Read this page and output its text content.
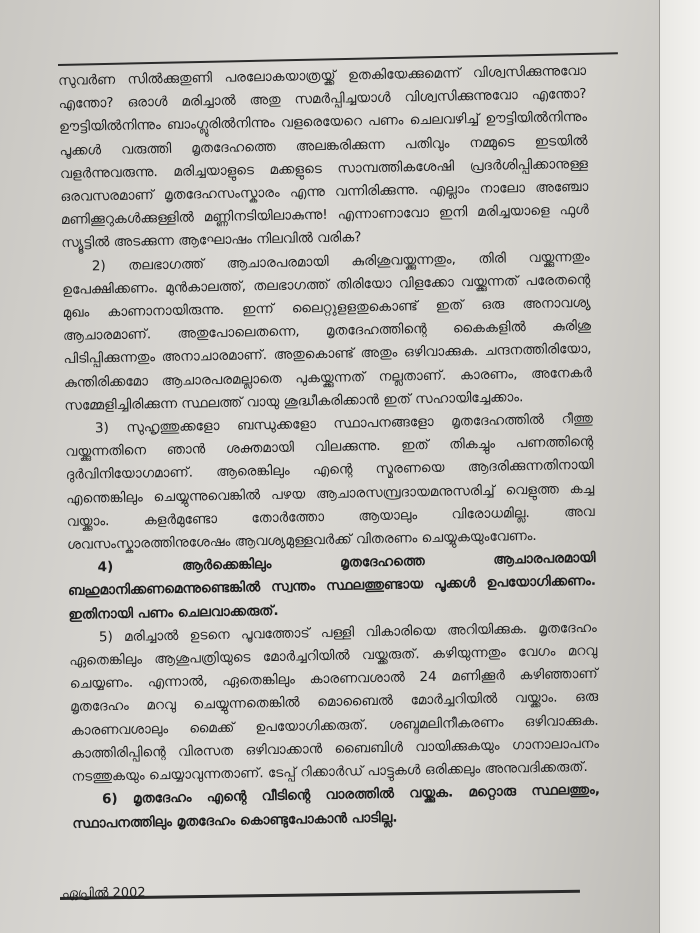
സുവർണ സിൽക്കുതുണി പരലോകയാത്രയ്ക്ക് ഉതകിയേക്കുമെന്ന് വിശ്വസിക്കുന്നുവോ എന്തോ? ഒരാൾ മരിച്ചാൽ അതു സമർപ്പിച്ചയാൾ വിശ്വസിക്കുന്നുവോ എന്തോ? ഊട്ടിയിൽനിന്നും ബാംഗ്ലൂരിൽനിന്നും വളരെയേറെ പണം ചെലവഴിച്ച് ഊട്ടിയിൽനിന്നും പൂക്കൾ വരുത്തി മൃതദേഹത്തെ അലങ്കരിക്കുന്ന പതിവും നമ്മുടെ ഇടയിൽ വളർന്നുവരുന്നു. മരിച്ചയാളുടെ മക്കളുടെ സാമ്പത്തികശേഷി പ്രദർശിപ്പിക്കാനുള്ള ഒരവസരമാണ് മൃതദേഹസംസ്കാരം എന്നു വന്നിരിക്കുന്നു. എല്ലാം നാലോ അഞ്ചോ മണിക്കൂറുകൾക്കുള്ളിൽ മണ്ണിനടിയിലാകുന്നു! എന്നാണാവോ ഇനി മരിച്ചയാളെ ഫുൾ സ്യൂട്ടിൽ അടക്കുന്ന ആഘോഷം നിലവിൽ വരിക?

2) തലഭാഗത്ത് ആചാരപരമായി കുരിശുവയ്ക്കുന്നതും, തിരി വയ്ക്കുന്നതും ഉപേക്ഷിക്കണം. മുൻകാലത്ത്, തലഭാഗത്ത് തിരിയോ വിളക്കോ വയ്ക്കുന്നത് പരേതന്റെ മുഖം കാണാനായിരുന്നു. ഇന്ന് ലൈറ്റുളളതുകൊണ്ട് ഇത് ഒരു അനാവശ്യ ആചാരമാണ്. അതുപോലെതന്നെ, മൃതദേഹത്തിന്റെ കൈകളിൽ കുരിശു പിടിപ്പിക്കുന്നതും അനാചാരമാണ്. അതുകൊണ്ട് അതും ഒഴിവാക്കുക. ചന്ദനത്തിരിയോ, കുന്തിരിക്കമോ ആചാരപരമല്ലാതെ പുകയ്ക്കുന്നത് നല്ലതാണ്. കാരണം, അനേകർ സമ്മേളിച്ചിരിക്കുന്ന സ്ഥലത്ത് വായു ശുദ്ധീകരിക്കാൻ ഇത് സഹായിച്ചേക്കാം.

3) സുഹൃത്തുക്കളോ ബന്ധുക്കളോ സ്ഥാപനങ്ങളോ മൃതദേഹത്തിൽ റീത്തു വയ്ക്കുന്നതിനെ ഞാൻ ശക്തമായി വിലക്കുന്നു. ഇത് തികച്ചും പണത്തിന്റെ ദുർവിനിയോഗമാണ്. ആരെങ്കിലും എന്റെ സ്മരണയെ ആദരിക്കുന്നതിനായി എന്തെങ്കിലും ചെയ്യുന്നുവെങ്കിൽ പഴയ ആചാരസമ്പ്രദായമനുസരിച്ച് വെളുത്ത കച്ച വയ്ക്കാം. കളർമുണ്ടോ തോർത്തോ ആയാലും വിരോധമില്ല. അവ ശവസംസ്കാരത്തിനുശേഷം ആവശ്യമുള്ളവർക്ക് വിതരണം ചെയ്യുകയുംവേണം.

4) ആർക്കെങ്കിലും മൃതദേഹത്തെ ആചാരപരമായി ബഹുമാനിക്കണമെന്നുണ്ടെങ്കിൽ സ്വന്തം സ്ഥലത്തുണ്ടായ പൂക്കൾ ഉപയോഗിക്കണം. ഇതിനായി പണം ചെലവാക്കരുത്.

5) മരിച്ചാൽ ഉടനെ പൂവത്തോട് പള്ളി വികാരിയെ അറിയിക്കുക. മൃതദേഹം ഏതെങ്കിലും ആശുപത്രിയുടെ മോർച്ചറിയിൽ വയ്ക്കരുത്. കഴിയുന്നതും വേഗം മറവു ചെയ്യണം. എന്നാൽ, ഏതെങ്കിലും കാരണവശാൽ 24 മണിക്കൂർ കഴിഞ്ഞാണ് മൃതദേഹം മറവു ചെയ്യുന്നതെങ്കിൽ മൊബൈൽ മോർച്ചറിയിൽ വയ്ക്കാം. ഒരു കാരണവശാലും മൈക്ക് ഉപയോഗിക്കരുത്. ശബ്ദമലിനീകരണം ഒഴിവാക്കുക. കാത്തിരിപ്പിന്റെ വിരസത ഒഴിവാക്കാൻ ബൈബിൾ വായിക്കുകയും ഗാനാലാപനം നടത്തുകയും ചെയ്യാവുന്നതാണ്. ടേപ്പ് റിക്കാർഡ് പാട്ടുകൾ ഒരിക്കലും അനുവദിക്കരുത്.

6) മൃതദേഹം എന്റെ വീടിന്റെ വാരത്തിൽ വയ്ക്കുക. മറ്റൊരു സ്ഥലത്തും, സ്ഥാപനത്തിലും മൃതദേഹം കൊണ്ടുപോകാൻ പാടില്ല.

ഏപ്രിൽ 2002
